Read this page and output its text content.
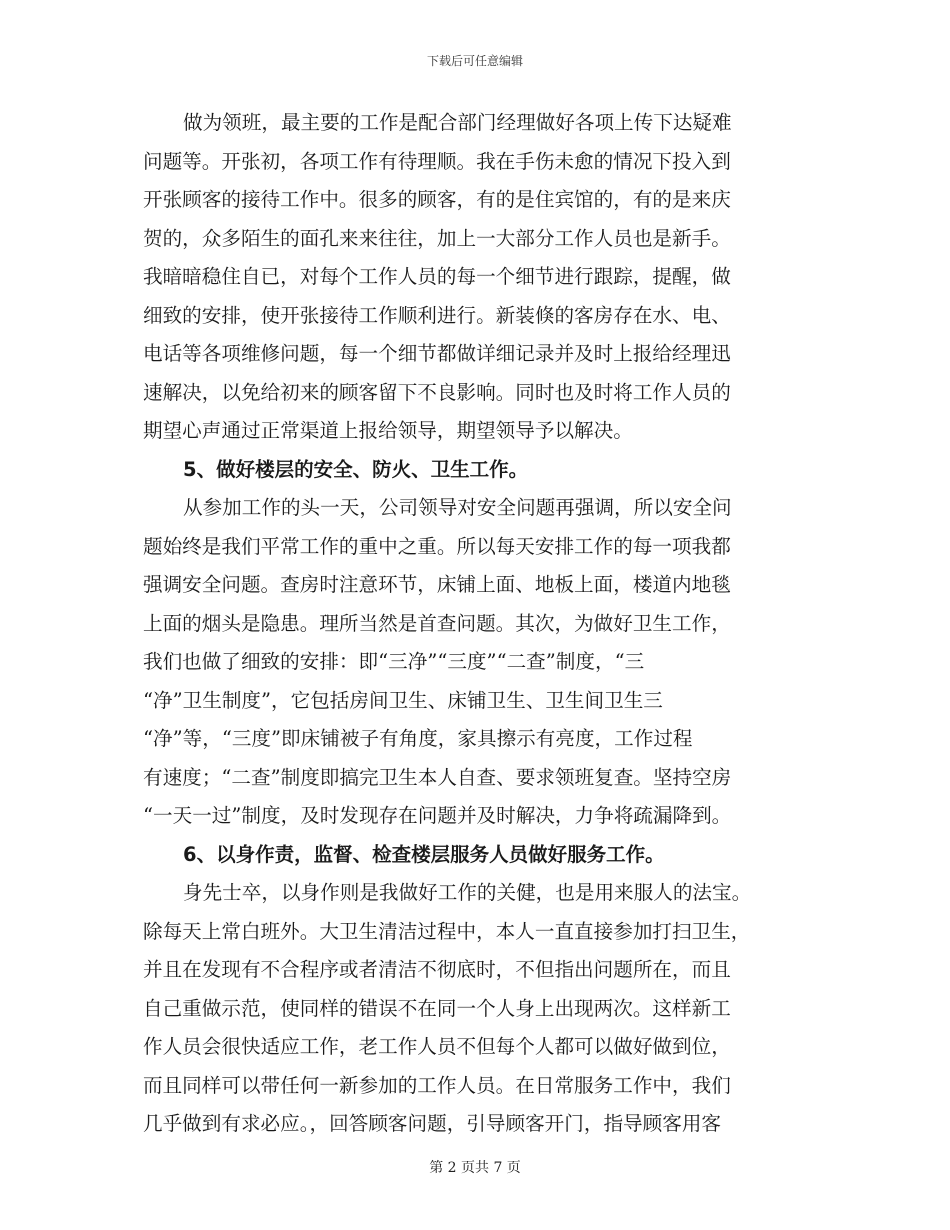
下载后可任意编辑
做为领班，最主要的工作是配合部门经理做好各项上传下达疑难
问题等。开张初，各项工作有待理顺。我在手伤未愈的情况下投入到
开张顾客的接待工作中。很多的顾客，有的是住宾馆的，有的是来庆
贺的，众多陌生的面孔来来往往，加上一大部分工作人员也是新手。
我暗暗稳住自已，对每个工作人员的每一个细节进行跟踪，提醒，做
细致的安排，使开张接待工作顺利进行。新装倏的客房存在水、电、
电话等各项维修问题，每一个细节都做详细记录并及时上报给经理迅
速解决，以免给初来的顾客留下不良影响。同时也及时将工作人员的
期望心声通过正常渠道上报给领导，期望领导予以解决。
5、做好楼层的安全、防火、卫生工作。
从参加工作的头一天，公司领导对安全问题再强调，所以安全问
题始终是我们平常工作的重中之重。所以每天安排工作的每一项我都
强调安全问题。查房时注意环节，床铺上面、地板上面，楼道内地毯
上面的烟头是隐患。理所当然是首查问题。其次，为做好卫生工作，
我们也做了细致的安排：即“三净”“三度”“二查”制度，“三
“净”卫生制度”，它包括房间卫生、床铺卫生、卫生间卫生三
“净”等，“三度”即床铺被子有角度，家具擦示有亮度，工作过程
有速度；“二查”制度即搞完卫生本人自查、要求领班复查。坚持空房
“一天一过”制度，及时发现存在问题并及时解决，力争将疏漏降到。
6、以身作责，监督、检查楼层服务人员做好服务工作。
身先士卒，以身作则是我做好工作的关健，也是用来服人的法宝。
除每天上常白班外。大卫生清洁过程中，本人一直直接参加打扫卫生，
并且在发现有不合程序或者清洁不彻底时，不但指出问题所在，而且
自己重做示范，使同样的错误不在同一个人身上出现两次。这样新工
作人员会很快适应工作，老工作人员不但每个人都可以做好做到位，
而且同样可以带任何一新参加的工作人员。在日常服务工作中，我们
几乎做到有求必应。，回答顾客问题，引导顾客开门，指导顾客用客
第 2 页共 7 页
